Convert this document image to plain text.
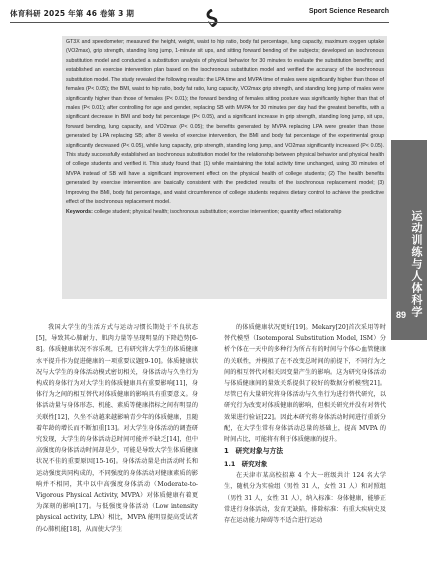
体育科研 2025 年第 46 卷第 3 期	Sport Science Research

GT3X and speedometer; measured the height, weight, waist to hip ratio, body fat percentage, lung capacity, maximum oxygen uptake (VO2max), grip strength, standing long jump, 1-minute sit ups, and sitting forward bending of the subjects; developed an isochronous substitution model and conducted a substitution analysis of physical behavior for 30 minutes to evaluate the substitution benefits; and established an exercise intervention plan based on the isochronous substitution model and verified the accuracy of the isochronous substitution model. The study revealed the following results: the LPA time and MVPA time of males were significantly higher than those of females (P< 0.05); the BMI, waist to hip ratio, body fat ratio, lung capacity, VO2max grip strength, and standing long jump of males were significantly higher than those of females (P< 0.01); the forward bending of females sitting posture was significantly higher than that of males (P< 0.01); after controlling for age and gender, replacing SB with MVPA for 30 minutes per day had the greatest benefits, with a significant decrease in BMI and body fat percentage (P< 0.05), and a significant increase in grip strength, standing long jump, sit ups, forward bending, lung capacity, and VO2max (P< 0.05); the benefits generated by MVPA replacing LPA were greater than those generated by LPA replacing SB; after 8 weeks of exercise intervention, the BMI and body fat percentage of the experimental group significantly decreased (P< 0.05), while lung capacity, grip strength, standing long jump, and VO2max significantly increased (P< 0.05). This study successfully established an isochronous substitution model for the relationship between physical behavior and physical health of college students and verified it. This study found that: (1) while maintaining the total activity time unchanged, using 30 minutes of MVPA instead of SB will have a significant improvement effect on the physical health of college students; (2) The health benefits generated by exercise intervention are basically consistent with the predicted results of the isochronous replacement model; (3) Improving the BMI, body fat percentage, and waist circumference of college students requires dietary control to achieve the predictive effect of the isochronous replacement model.

Keywords: college student; physical health; isochronous substitution; exercise intervention; quantity effect relationship	运动训练与人体科学
89

我国大学生的生活方式与运动习惯长期处于不良状态[5]，导致其心肺耐力、肌肉力量等呈现明显的下降趋势[6-8]。体质健康状况不容乐观，已有研究将大学生的体质健康水平提升作为促进健康的一项重要议题[9-10]。体质健康状况与大学生的身体活动模式密切相关，身体活动与久坐行为构成的身体行为对大学生的体质健康具有重要影响[11]，身体行为之间的相互替代对体质健康的影响具有重要意义。身体活动量与身体形态、机能、素质等健康指标之间有明显的关联性[12]，久坐不动越来越影响青少年的体质健康，且随着年龄的增长而不断加重[13]。对大学生身体活动的调查研究发现，大学生的身体活动总时间可能并不缺乏[14]，但中高强度的身体活动时间却是少，可能是导致大学生体质健康状况不佳的重要原因[15-16]。身体活动量是由活动时长和运动强度共同构成的，不同强度的身体活动对健康素质的影响并不相同，其中以中高强度身体活动（Moderate-to-Vigorous Physical Activity, MVPA）对体质健康有着更为深刻的影响[17]。与低强度身体活动（Low intensity physical activity, LPA）相比，MVPA 能明显提高受试者的心肺机能[18]，从而使大学生

的体质健康状况更好[19]。Mekary[20]首次采用等时替代模型（Isotemporal Substitution Model, ISM）分析个体在一天中的多种行为所占有的时间与个体心血管健康的关联性，并模拟了在不改变总时间的前提下，不同行为之间的相互替代对相关因变量产生的影响。这为研究身体活动与体质健康间的量效关系提供了较好的数据分析模型[21]。尽管已有大量研究将身体活动与久坐行为进行替代研究，以研究行为改变对体质健康的影响，但相关研究并没有对替代效果进行验证[22]。因此本研究将身体活动时间进行重新分配，在大学生常有身体活动总量的基础上，提高 MVPA 的时间占比，可能将有利于体质健康的提升。

1　研究对象与方法
1.1　研究对象

在天津市某高校招募 4 个大一班级共计 124 名大学生，随机分为实验组（男性 31 人，女性 31 人）和对照组（男性 31 人，女性 31 人），纳入标准：身体健康，能够正常进行身体活动，发育无缺陷，排除标准：有重大疾病史及存在运动能力障碍等不适合进行运动
